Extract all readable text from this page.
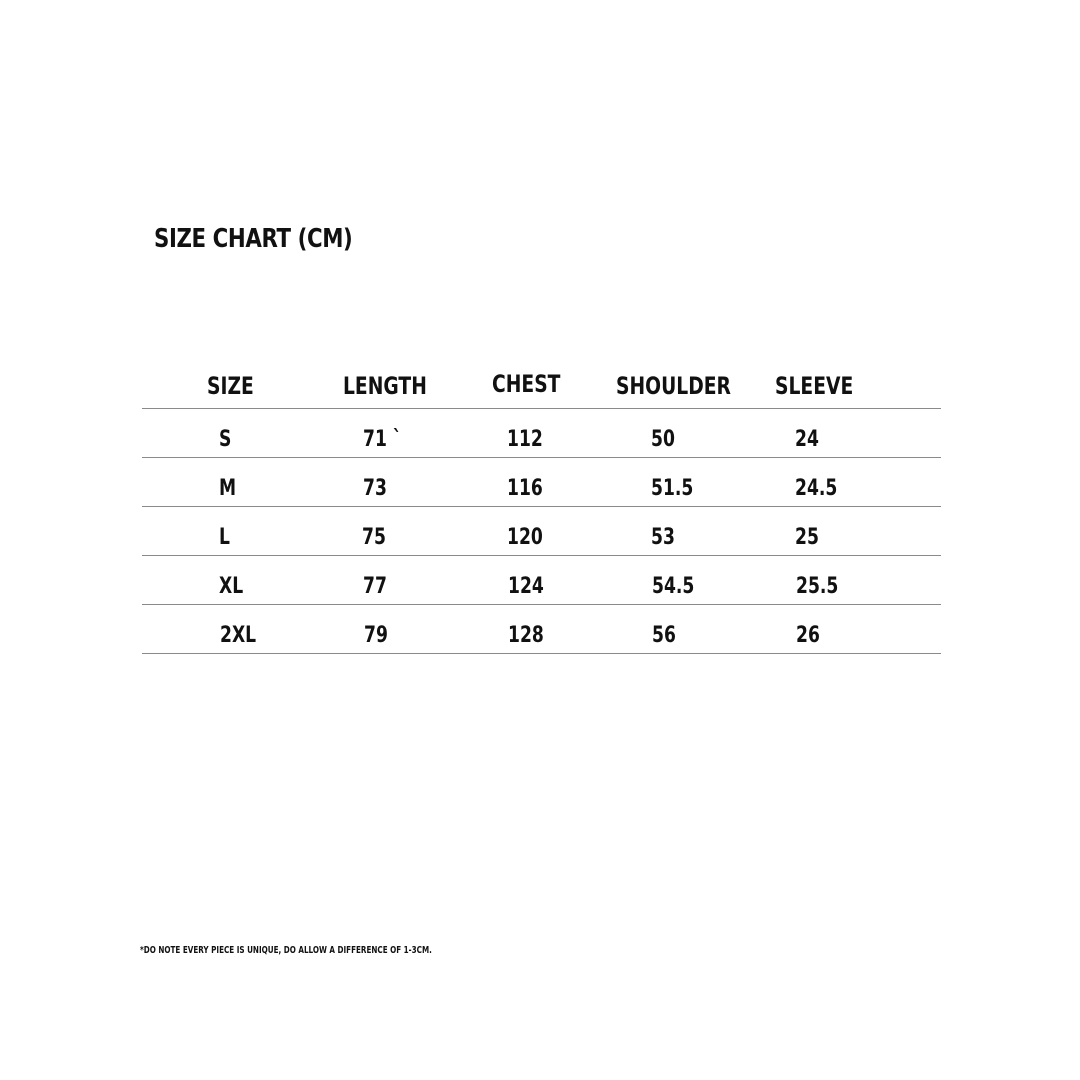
SIZE CHART (CM)
SIZE	LENGTH	CHEST SHOULDER SLEEVE
S	71 `	112	50	24
M	73	116	51.5	24.5
L	75	120	53	25
XL	77	124	54.5	25.5
2XL	79	128	56	26

*DO NOTE EVERY PIECE IS UNIQUE, DO ALLOW A DIFFERENCE OF 1-3CM.
